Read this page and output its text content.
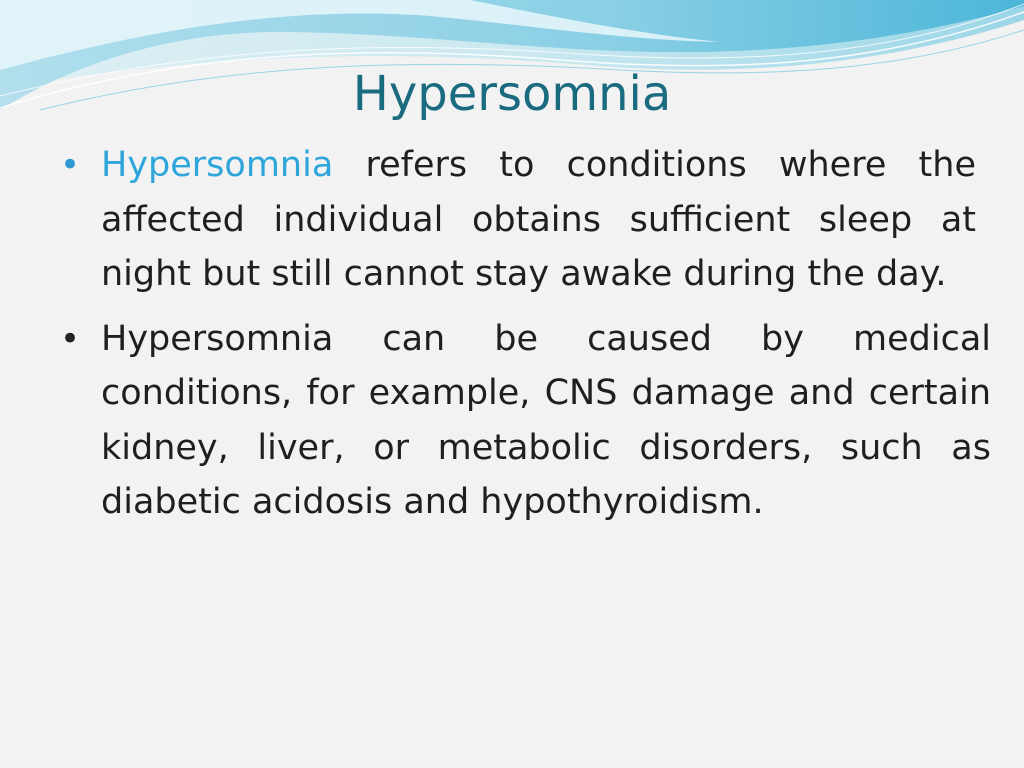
Hypersomnia
• Hypersomnia refers to conditions where the affected individual obtains sufficient sleep at night but still cannot stay awake during the day.
• Hypersomnia can be caused by medical conditions, for example, CNS damage and certain kidney, liver, or metabolic disorders, such as diabetic acidosis and hypothyroidism.
